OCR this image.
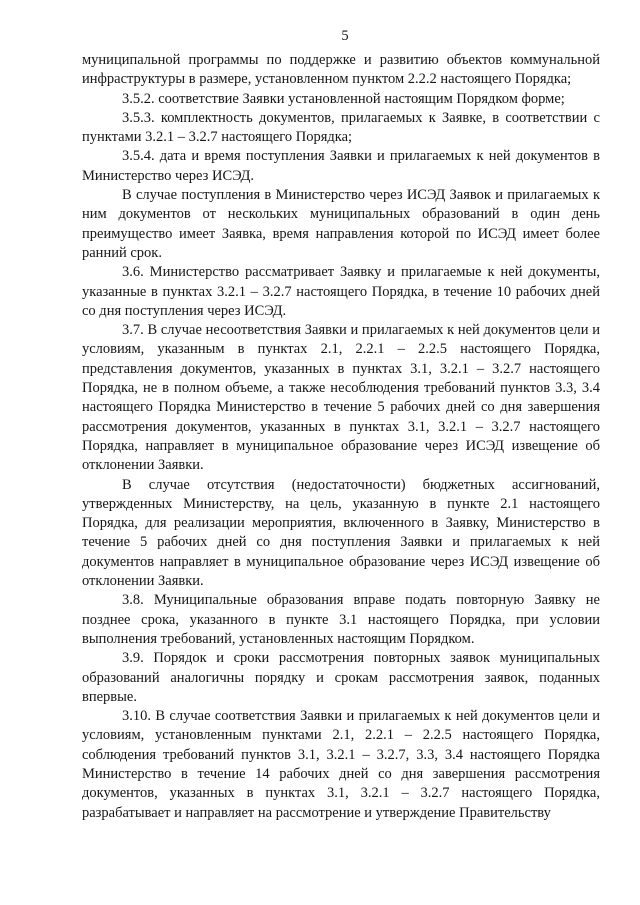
5

муниципальной программы по поддержке и развитию объектов коммунальной инфраструктуры в размере, установленном пунктом 2.2.2 настоящего Порядка;

3.5.2. соответствие Заявки установленной настоящим Порядком форме;

3.5.3. комплектность документов, прилагаемых к Заявке, в соответствии с пунктами 3.2.1 – 3.2.7 настоящего Порядка;

3.5.4. дата и время поступления Заявки и прилагаемых к ней документов в Министерство через ИСЭД.

В случае поступления в Министерство через ИСЭД Заявок и прилагаемых к ним документов от нескольких муниципальных образований в один день преимущество имеет Заявка, время направления которой по ИСЭД имеет более ранний срок.

3.6. Министерство рассматривает Заявку и прилагаемые к ней документы, указанные в пунктах 3.2.1 – 3.2.7 настоящего Порядка, в течение 10 рабочих дней со дня поступления через ИСЭД.

3.7. В случае несоответствия Заявки и прилагаемых к ней документов цели и условиям, указанным в пунктах 2.1, 2.2.1 – 2.2.5 настоящего Порядка, представления документов, указанных в пунктах 3.1, 3.2.1 – 3.2.7 настоящего Порядка, не в полном объеме, а также несоблюдения требований пунктов 3.3, 3.4 настоящего Порядка Министерство в течение 5 рабочих дней со дня завершения рассмотрения документов, указанных в пунктах 3.1, 3.2.1 – 3.2.7 настоящего Порядка, направляет в муниципальное образование через ИСЭД извещение об отклонении Заявки.

В случае отсутствия (недостаточности) бюджетных ассигнований, утвержденных Министерству, на цель, указанную в пункте 2.1 настоящего Порядка, для реализации мероприятия, включенного в Заявку, Министерство в течение 5 рабочих дней со дня поступления Заявки и прилагаемых к ней документов направляет в муниципальное образование через ИСЭД извещение об отклонении Заявки.

3.8. Муниципальные образования вправе подать повторную Заявку не позднее срока, указанного в пункте 3.1 настоящего Порядка, при условии выполнения требований, установленных настоящим Порядком.

3.9. Порядок и сроки рассмотрения повторных заявок муниципальных образований аналогичны порядку и срокам рассмотрения заявок, поданных впервые.

3.10. В случае соответствия Заявки и прилагаемых к ней документов цели и условиям, установленным пунктами 2.1, 2.2.1 – 2.2.5 настоящего Порядка, соблюдения требований пунктов 3.1, 3.2.1 – 3.2.7, 3.3, 3.4 настоящего Порядка Министерство в течение 14 рабочих дней со дня завершения рассмотрения документов, указанных в пунктах 3.1, 3.2.1 – 3.2.7 настоящего Порядка, разрабатывает и направляет на рассмотрение и утверждение Правительству
